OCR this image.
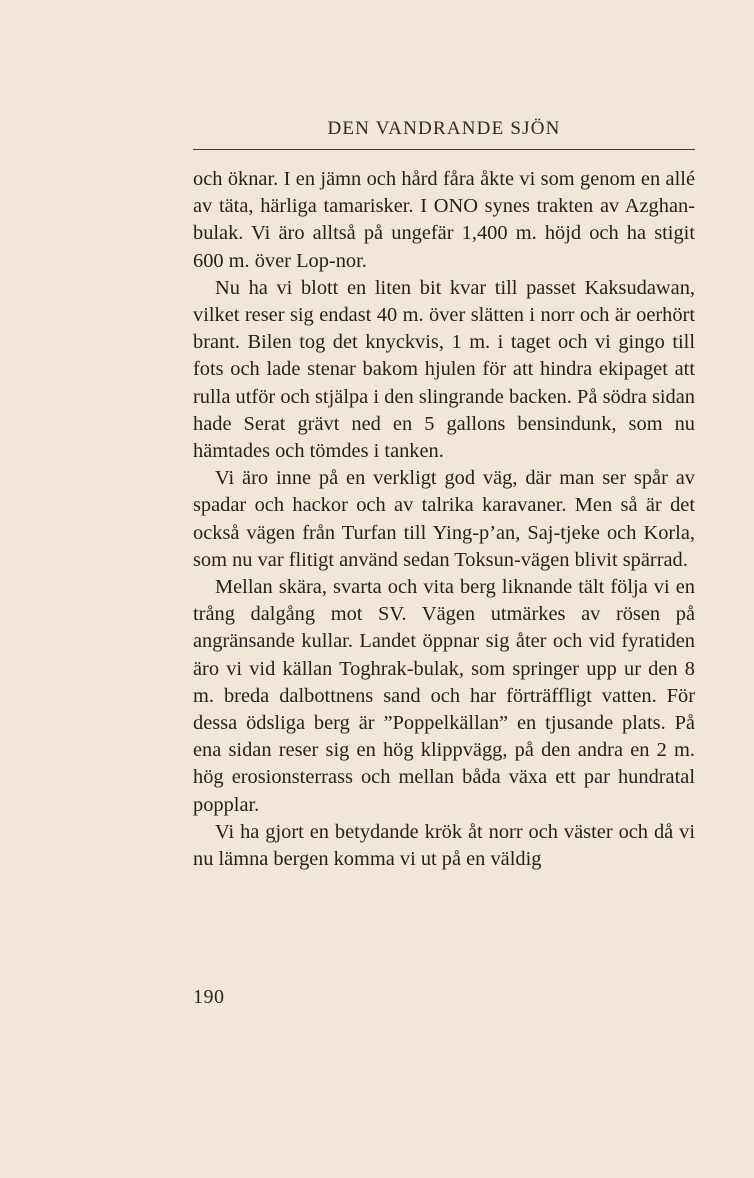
DEN VANDRANDE SJÖN

och öknar. I en jämn och hård fåra åkte vi som genom en allé av täta, härliga tamarisker. I ONO synes trakten av Azghan-bulak. Vi äro alltså på ungefär 1,400 m. höjd och ha stigit 600 m. över Lop-nor.

Nu ha vi blott en liten bit kvar till passet Kaksudawan, vilket reser sig endast 40 m. över slätten i norr och är oerhört brant. Bilen tog det knyckvis, 1 m. i taget och vi gingo till fots och lade stenar bakom hjulen för att hindra ekipaget att rulla utför och stjälpa i den slingrande backen. På södra sidan hade Serat grävt ned en 5 gallons bensindunk, som nu hämtades och tömdes i tanken.

Vi äro inne på en verkligt god väg, där man ser spår av spadar och hackor och av talrika karavaner. Men så är det också vägen från Turfan till Ying-p’an, Saj-tjeke och Korla, som nu var flitigt använd sedan Toksun-vägen blivit spärrad.

Mellan skära, svarta och vita berg liknande tält följa vi en trång dalgång mot SV. Vägen utmärkes av rösen på angränsande kullar. Landet öppnar sig åter och vid fyratiden äro vi vid källan Toghrak-bulak, som springer upp ur den 8 m. breda dalbottnens sand och har förträffligt vatten. För dessa ödsliga berg är ”Poppelkällan” en tjusande plats. På ena sidan reser sig en hög klippvägg, på den andra en 2 m. hög erosionsterrass och mellan båda växa ett par hundratal popplar.

Vi ha gjort en betydande krök åt norr och väster och då vi nu lämna bergen komma vi ut på en väldig

190
